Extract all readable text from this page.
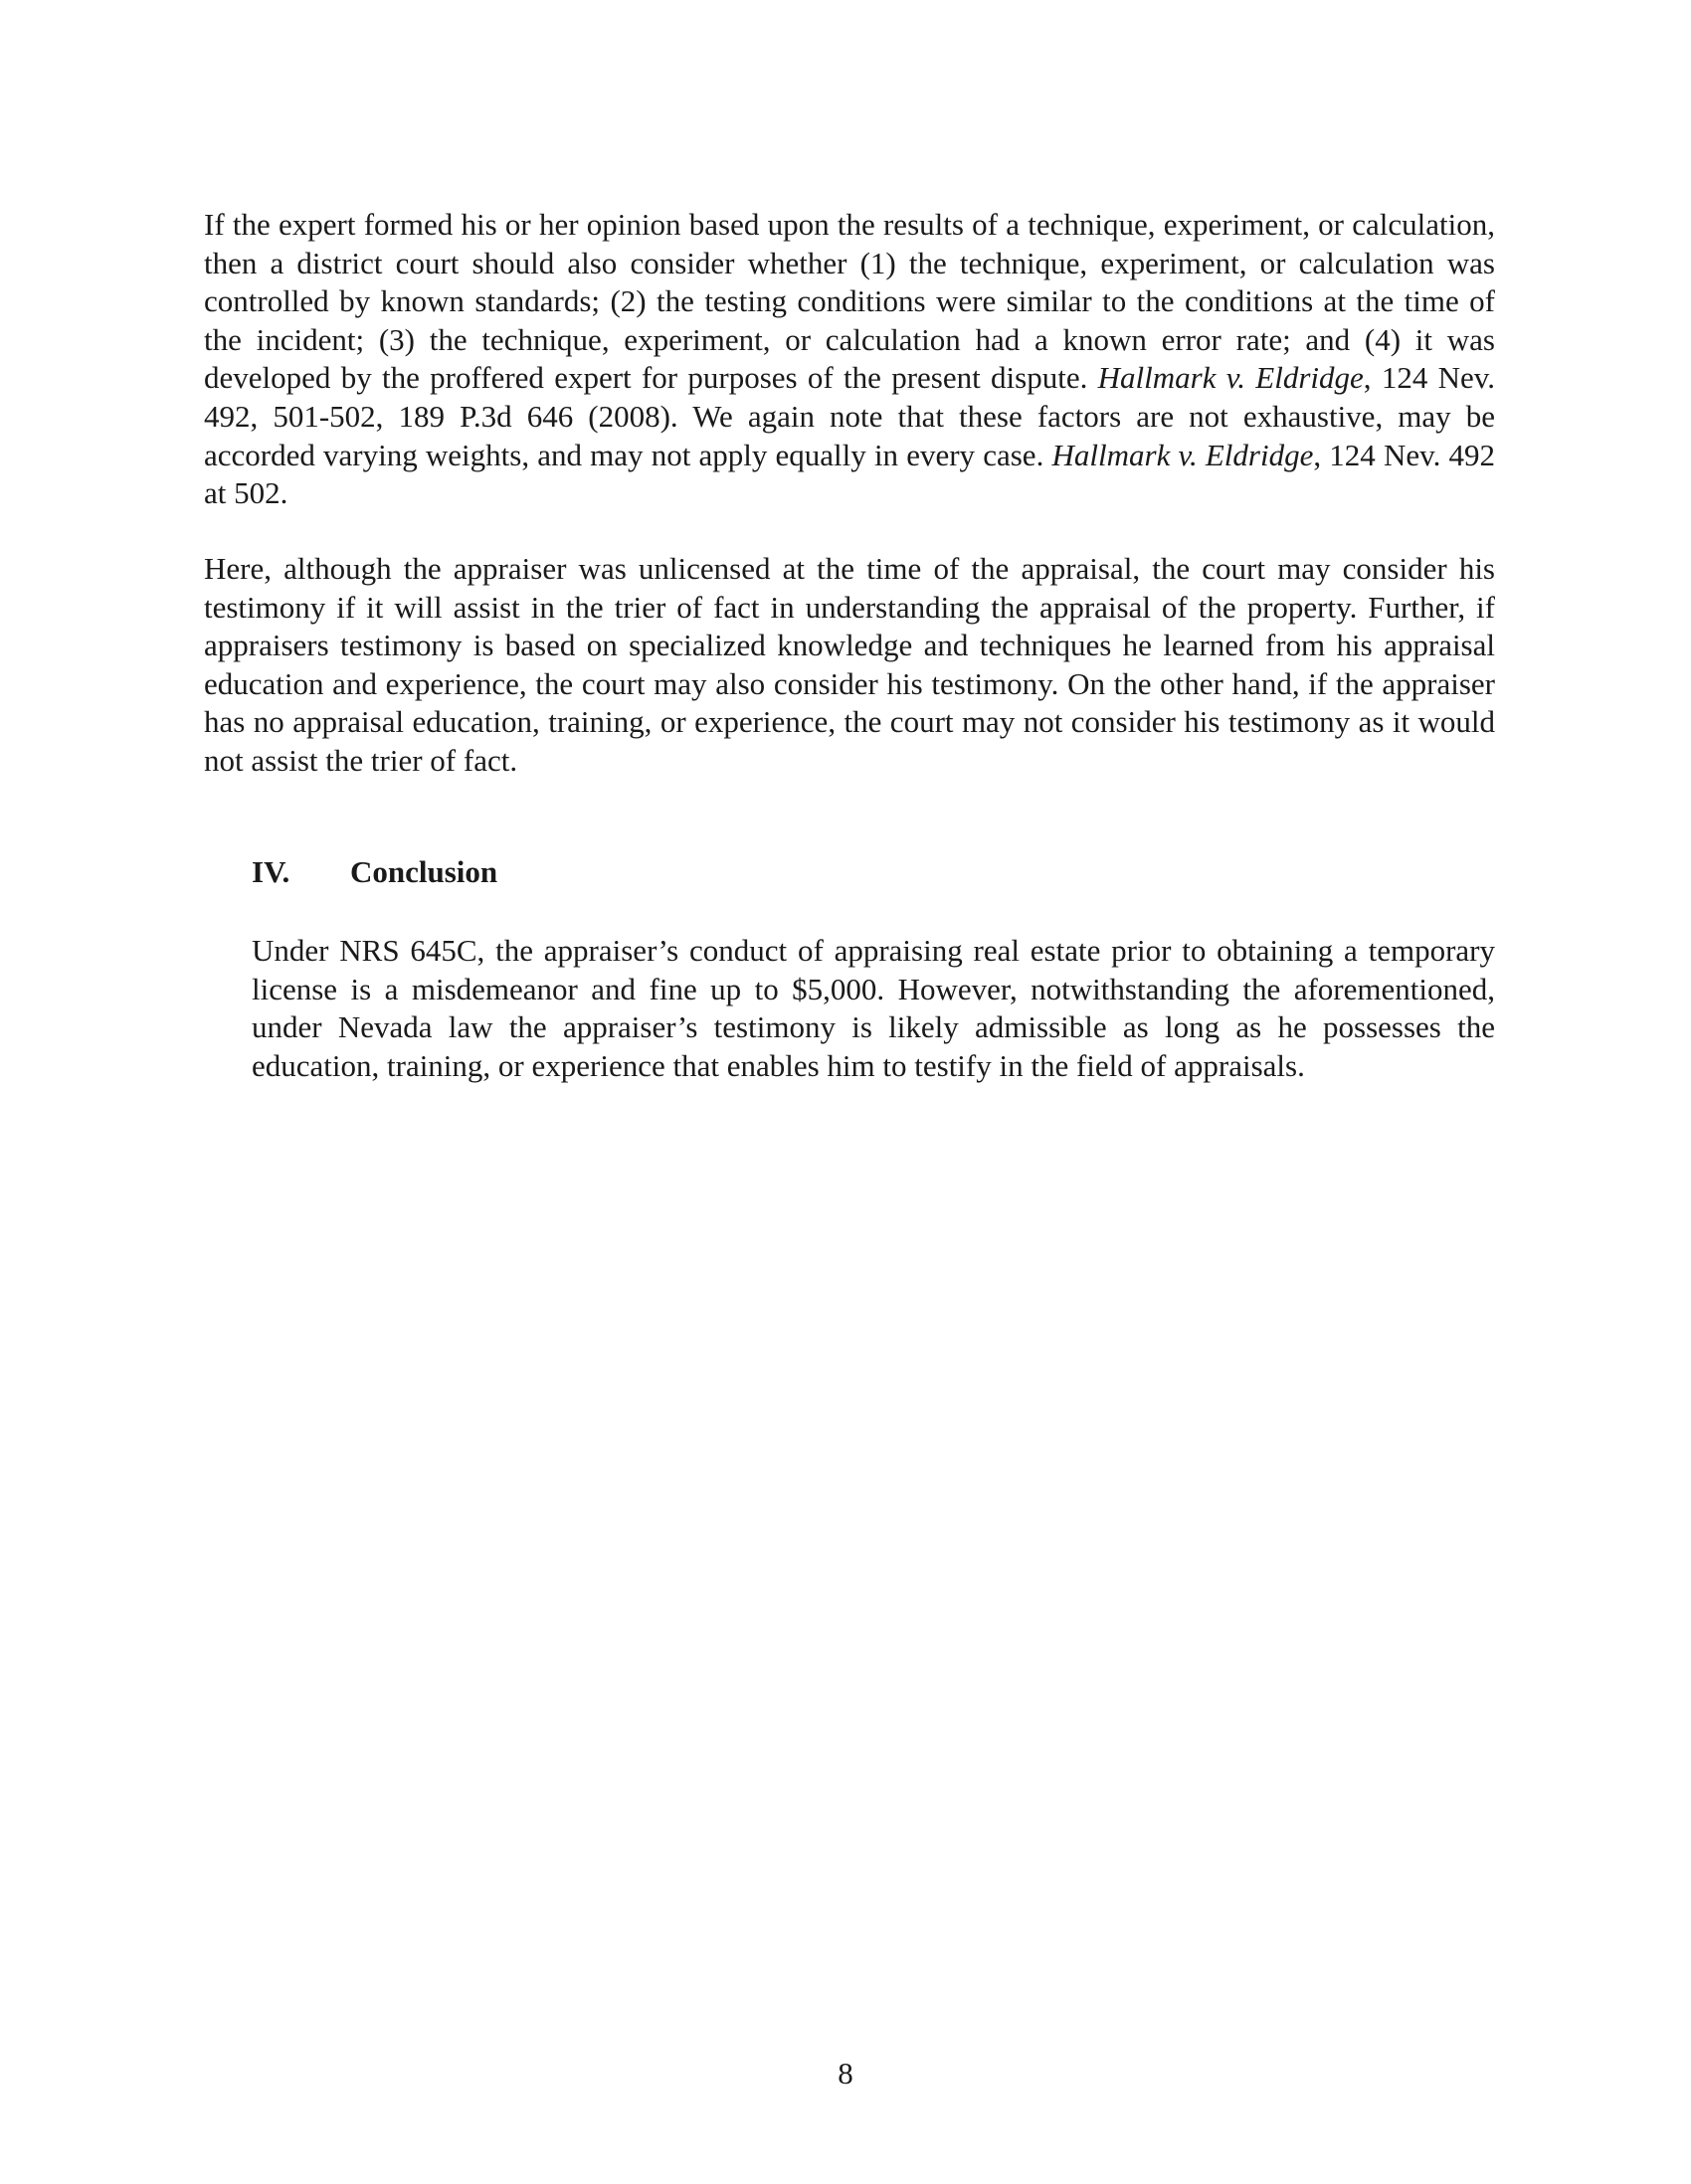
If the expert formed his or her opinion based upon the results of a technique, experiment, or calculation, then a district court should also consider whether (1) the technique, experiment, or calculation was controlled by known standards; (2) the testing conditions were similar to the conditions at the time of the incident; (3) the technique, experiment, or calculation had a known error rate; and (4) it was developed by the proffered expert for purposes of the present dispute. Hallmark v. Eldridge, 124 Nev. 492, 501-502, 189 P.3d 646 (2008). We again note that these factors are not exhaustive, may be accorded varying weights, and may not apply equally in every case. Hallmark v. Eldridge, 124 Nev. 492 at 502.

Here, although the appraiser was unlicensed at the time of the appraisal, the court may consider his testimony if it will assist in the trier of fact in understanding the appraisal of the property. Further, if appraisers testimony is based on specialized knowledge and techniques he learned from his appraisal education and experience, the court may also consider his testimony. On the other hand, if the appraiser has no appraisal education, training, or experience, the court may not consider his testimony as it would not assist the trier of fact.

IV. Conclusion

Under NRS 645C, the appraiser’s conduct of appraising real estate prior to obtaining a temporary license is a misdemeanor and fine up to $5,000. However, notwithstanding the aforementioned, under Nevada law the appraiser’s testimony is likely admissible as long as he possesses the education, training, or experience that enables him to testify in the field of appraisals.

8
